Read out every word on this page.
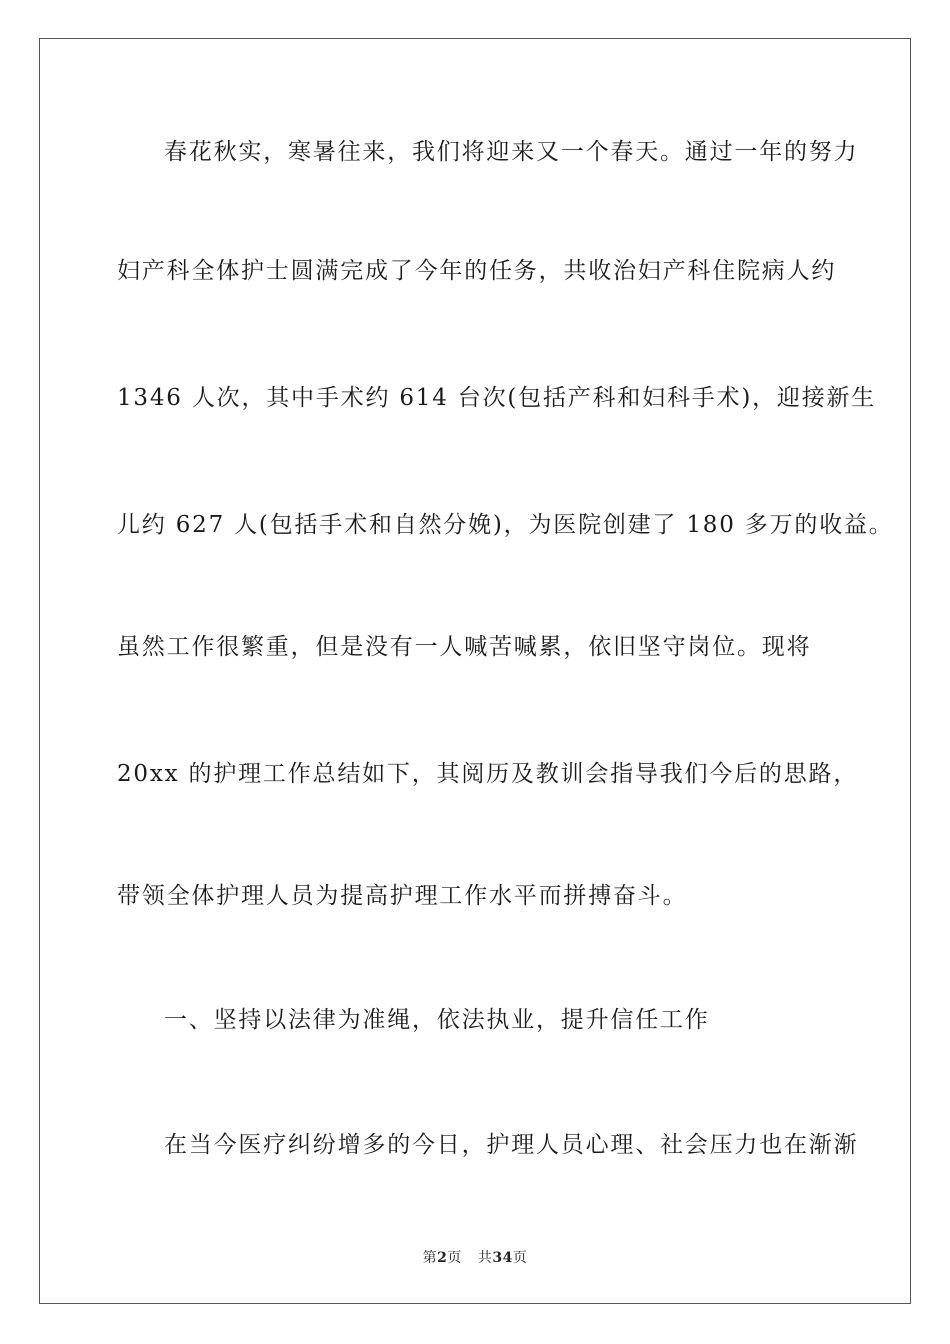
春花秋实，寒暑往来，我们将迎来又一个春天。通过一年的努力
妇产科全体护士圆满完成了今年的任务，共收治妇产科住院病人约
1346 人次，其中手术约 614 台次(包括产科和妇科手术)，迎接新生
儿约 627 人(包括手术和自然分娩)，为医院创建了 180 多万的收益。
虽然工作很繁重，但是没有一人喊苦喊累，依旧坚守岗位。现将
20xx 的护理工作总结如下，其阅历及教训会指导我们今后的思路，
带领全体护理人员为提高护理工作水平而拼搏奋斗。
一、坚持以法律为准绳，依法执业，提升信任工作
在当今医疗纠纷增多的今日，护理人员心理、社会压力也在渐渐
第2页 共34页
